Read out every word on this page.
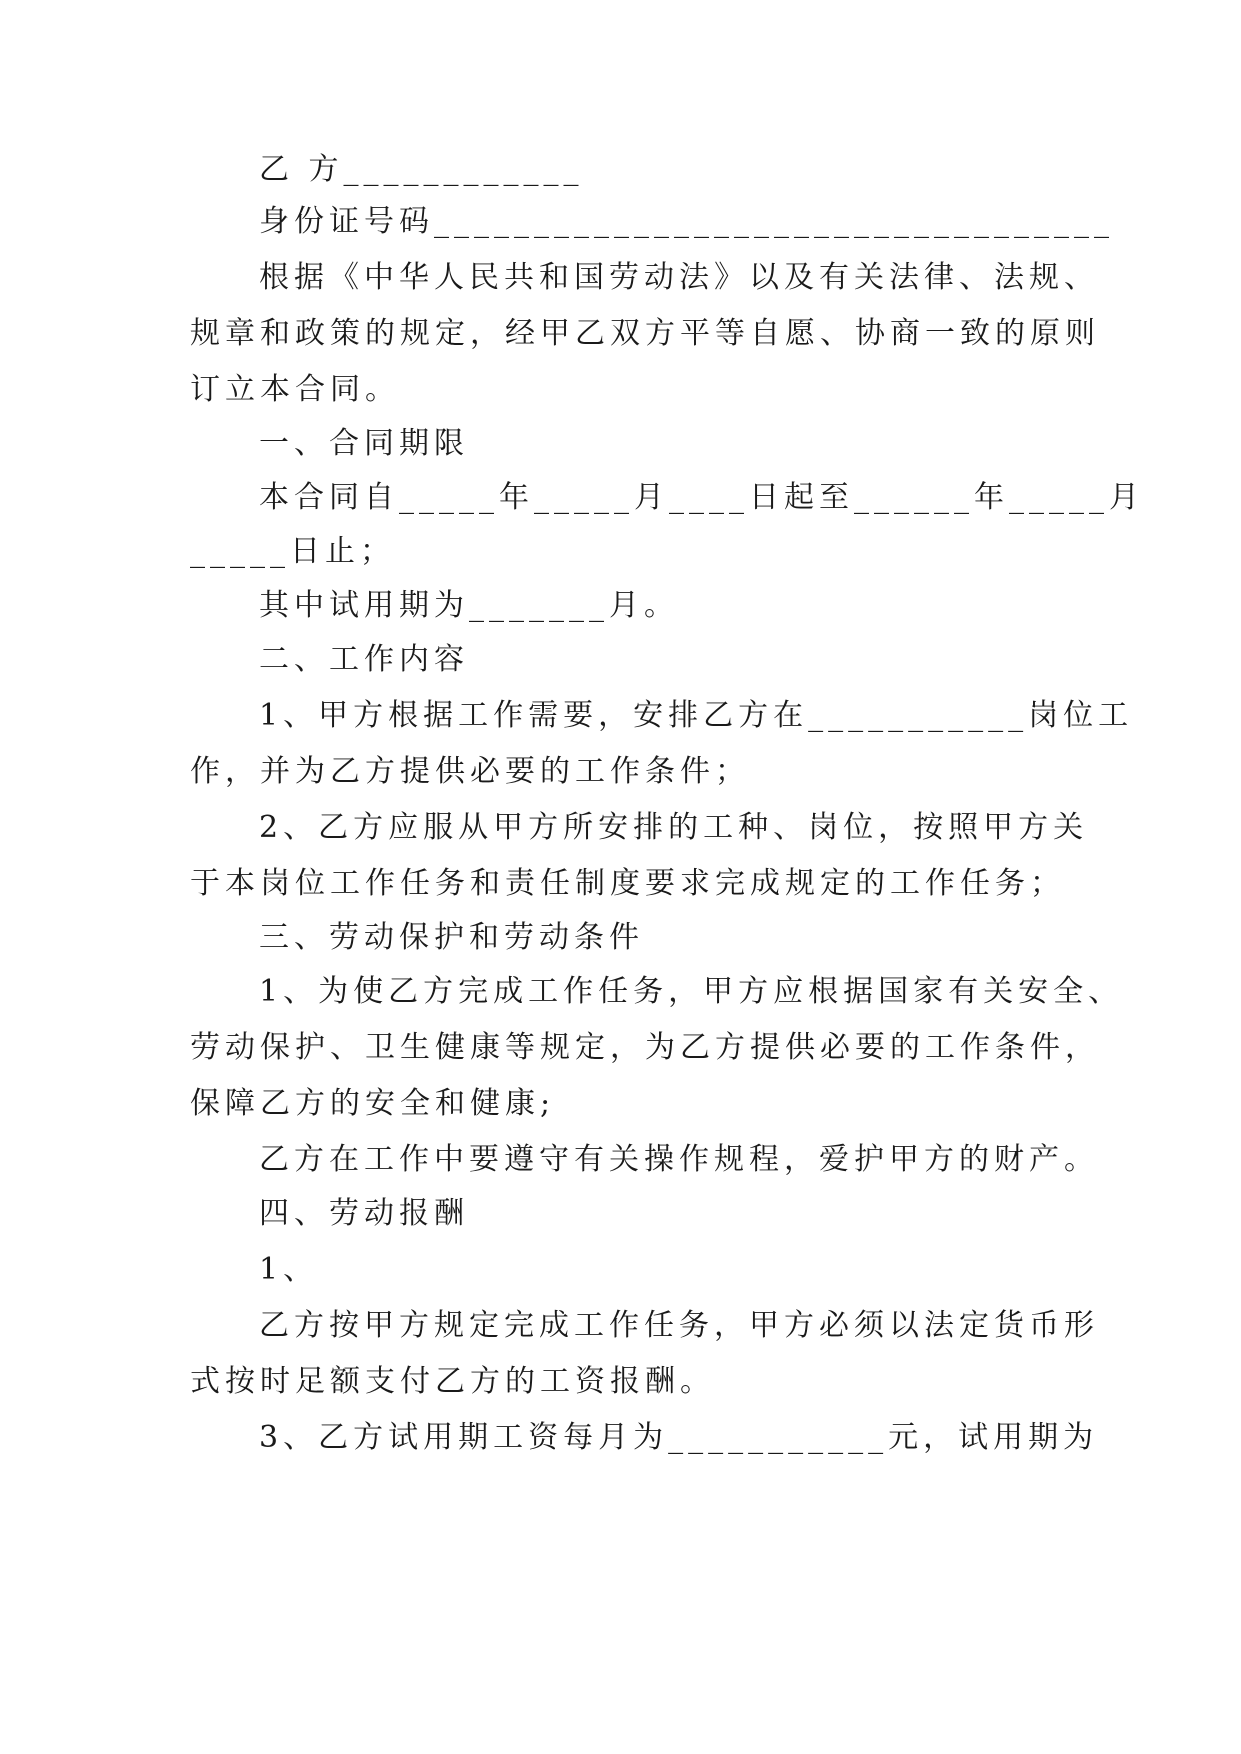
乙 方____________
身份证号码__________________________________
根据《中华人民共和国劳动法》以及有关法律、法规、
规章和政策的规定，经甲乙双方平等自愿、协商一致的原则
订立本合同。
一、合同期限
本合同自_____年_____月____日起至______年_____月
_____日止；
其中试用期为_______月。
二、工作内容
1、甲方根据工作需要，安排乙方在___________岗位工
作，并为乙方提供必要的工作条件；
2、乙方应服从甲方所安排的工种、岗位，按照甲方关
于本岗位工作任务和责任制度要求完成规定的工作任务；
三、劳动保护和劳动条件
1、为使乙方完成工作任务，甲方应根据国家有关安全、
劳动保护、卫生健康等规定，为乙方提供必要的工作条件，
保障乙方的安全和健康;
乙方在工作中要遵守有关操作规程，爱护甲方的财产。
四、劳动报酬
1、
乙方按甲方规定完成工作任务，甲方必须以法定货币形
式按时足额支付乙方的工资报酬。
3、乙方试用期工资每月为___________元，试用期为
